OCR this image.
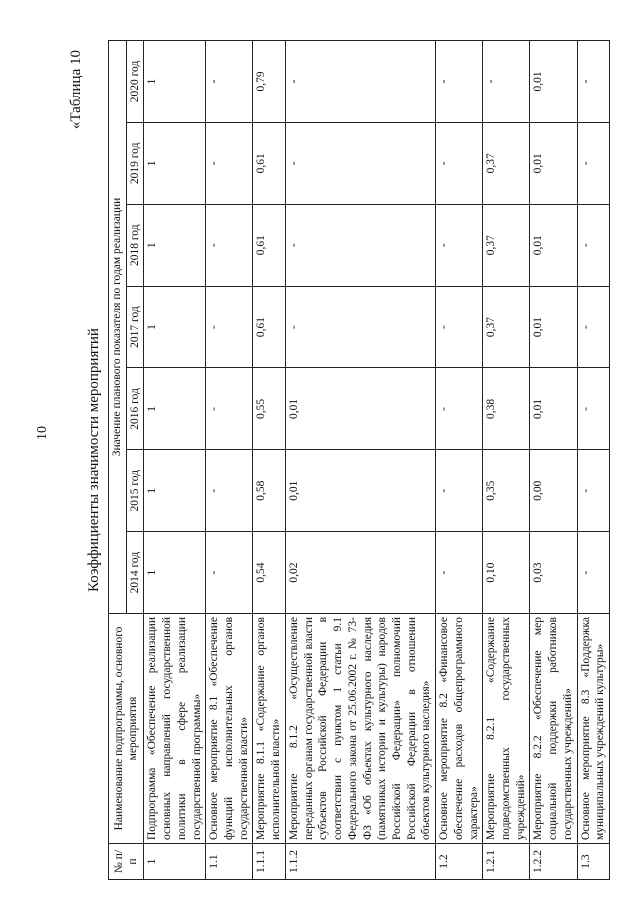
10
«Таблица 10
Коэффициенты значимости мероприятий
№ п/п	Наименование подпрограммы, основного мероприятия	Значение планового показателя по годам реализации						
		2014 год	2015 год	2016 год	2017 год	2018 год	2019 год	2020 год
1	Подпрограмма «Обеспечение реализации основных направлений государственной политики в сфере реализации государственной программы»	1	1	1	1	1	1	1
1.1	Основное мероприятие 8.1 «Обеспечение функций исполнительных органов государственной власти»	-	-	-	-	-	-	-
1.1.1	Мероприятие 8.1.1 «Содержание органов исполнительной власти»	0,54	0,58	0,55	0,61	0,61	0,61	0,79
1.1.2	Мероприятие 8.1.2 «Осуществление переданных органам государственной власти субъектов Российской Федерации в соответствии с пунктом 1 статьи 9.1 Федерального закона от 25.06.2002 г. № 73-ФЗ «Об объектах культурного наследия (памятниках истории и культуры) народов Российской Федерации» полномочий Российской Федерации в отношении объектов культурного наследия»	0,02	0,01	0,01	-	-	-	-
1.2	Основное мероприятие 8.2 «Финансовое обеспечение расходов общепрограммного характера»	-	-	-	-	-	-	-
1.2.1	Мероприятие 8.2.1 «Содержание подведомственных государственных учреждений»	0,10	0,35	0,38	0,37	0,37	0,37	-
1.2.2	Мероприятие 8.2.2 «Обеспечение мер социальной поддержки работников государственных учреждений»	0,03	0,00	0,01	0,01	0,01	0,01	0,01
1.3	Основное мероприятие 8.3 «Поддержка муниципальных учреждений культуры»	-	-	-	-	-	-	-
